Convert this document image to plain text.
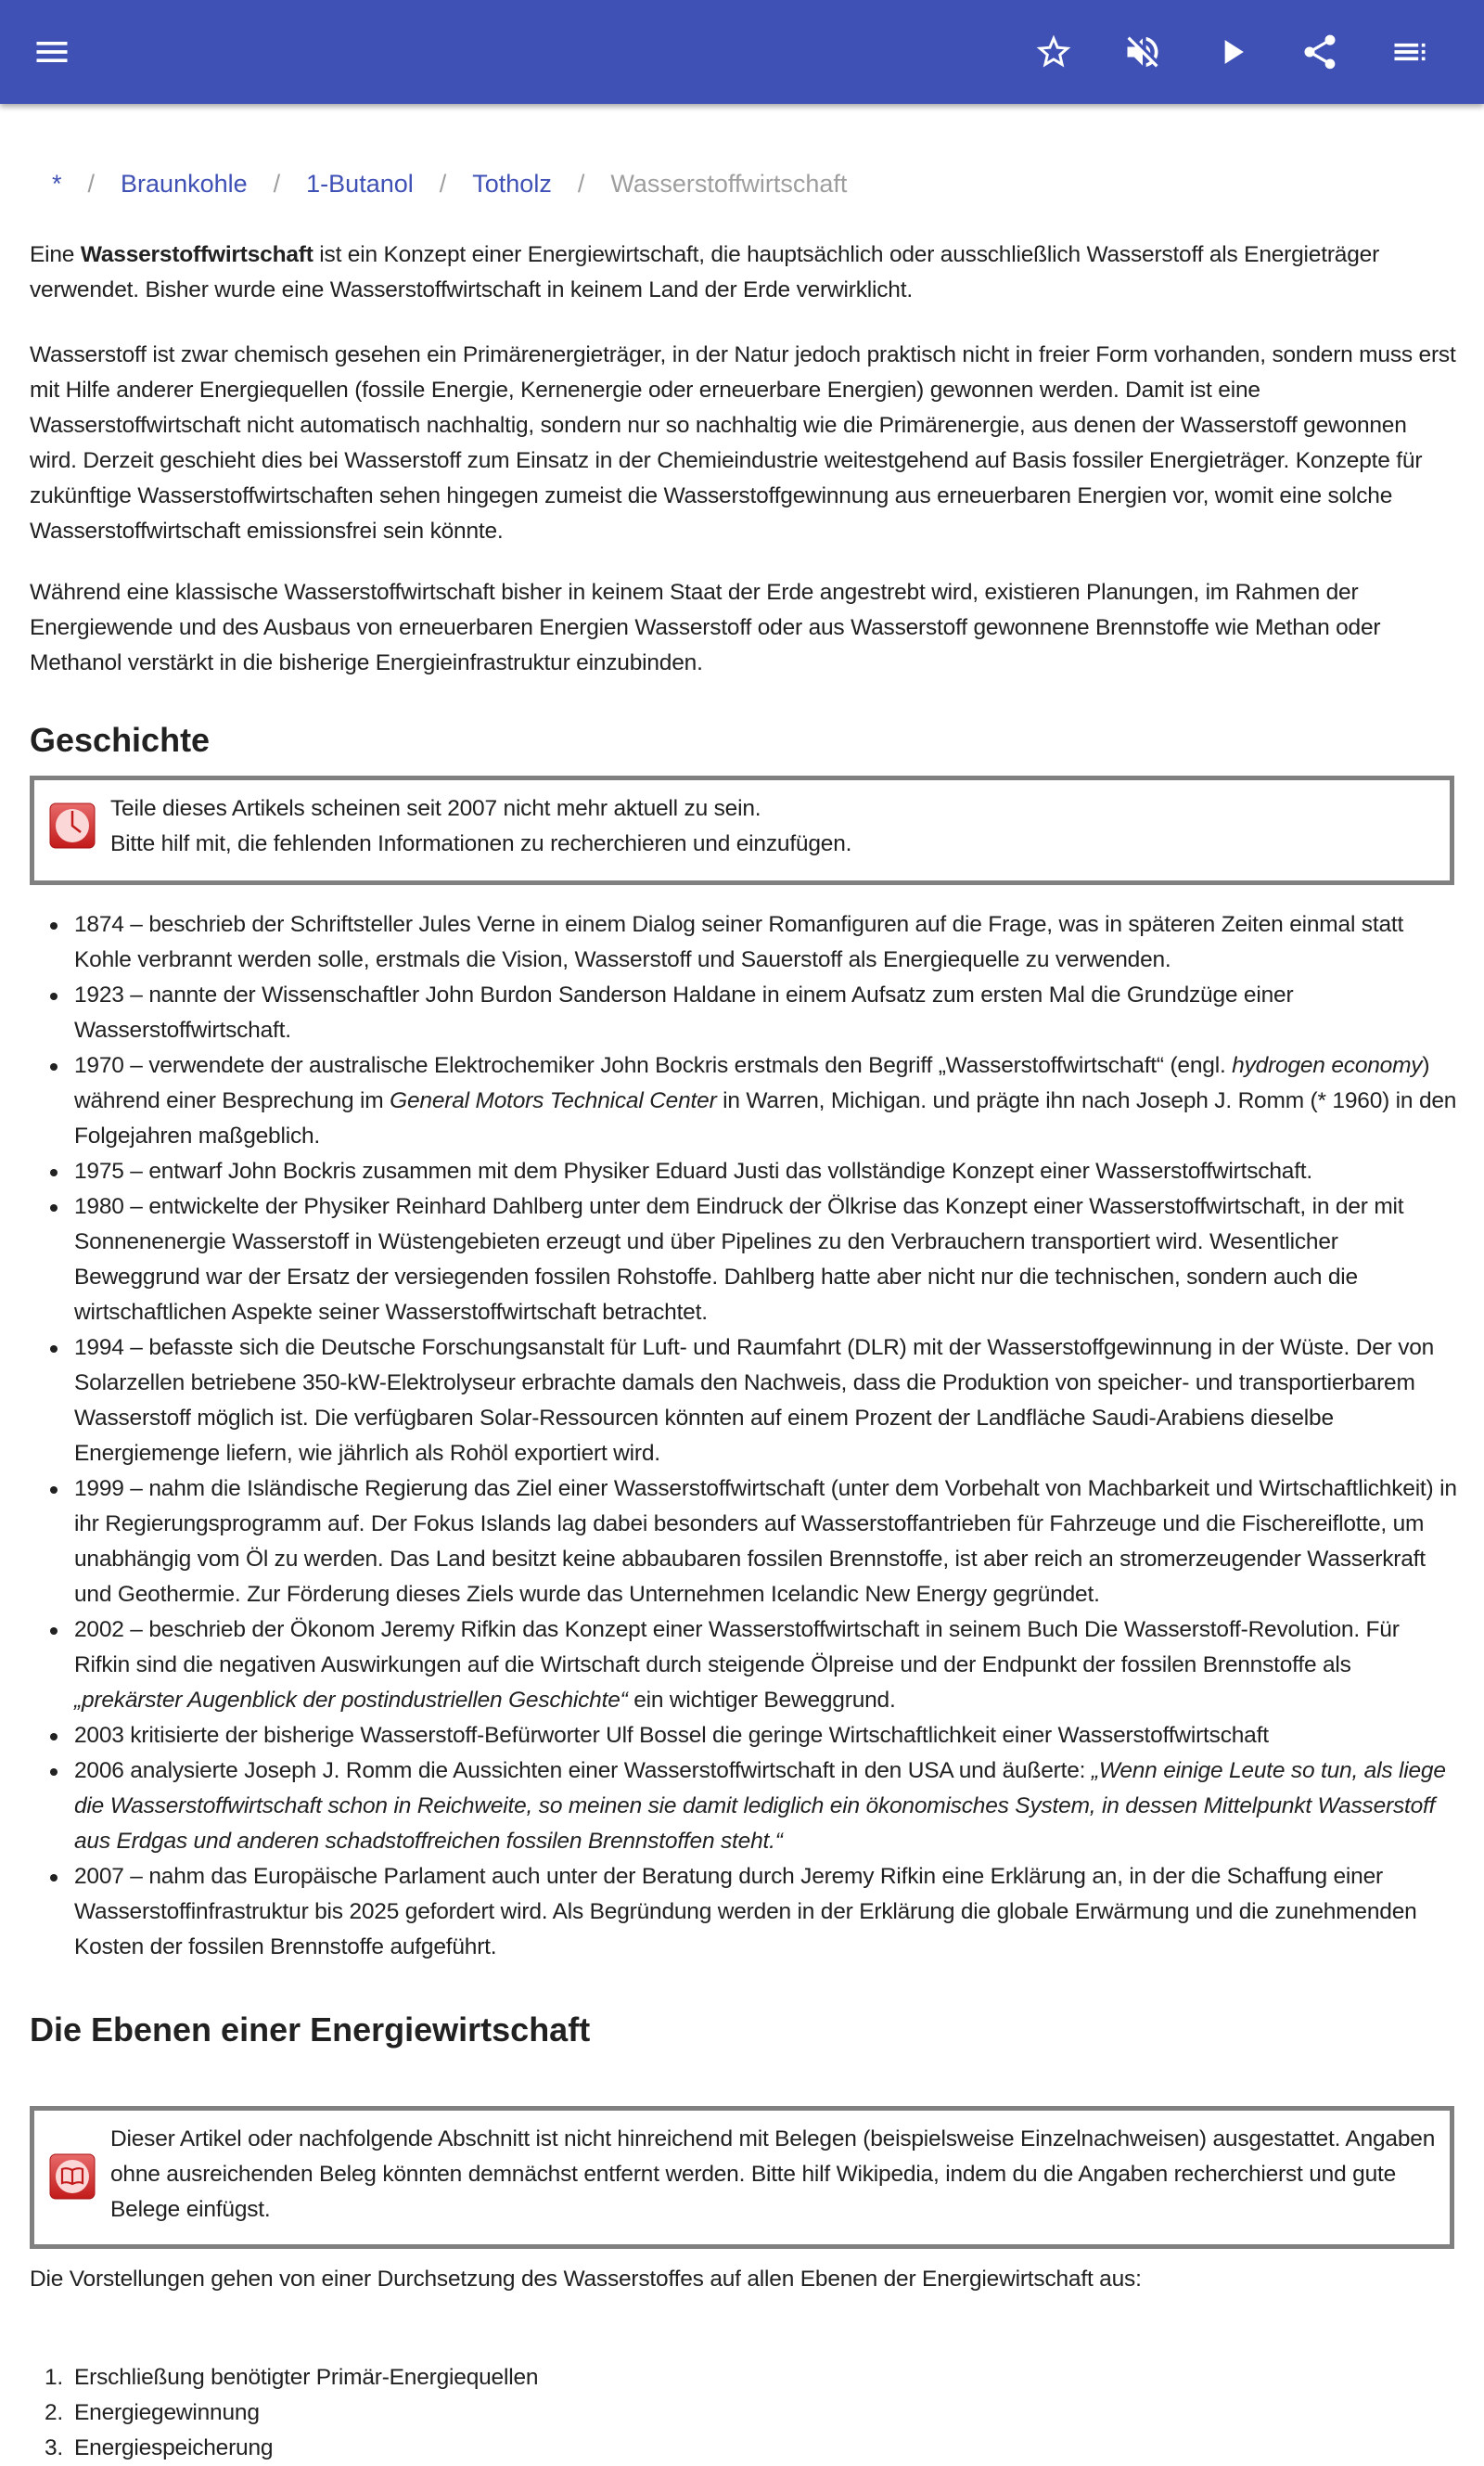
* / Braunkohle / 1-Butanol / Totholz / Wasserstoffwirtschaft

Eine Wasserstoffwirtschaft ist ein Konzept einer Energiewirtschaft, die hauptsächlich oder ausschließlich Wasserstoff als Energieträger verwendet. Bisher wurde eine Wasserstoffwirtschaft in keinem Land der Erde verwirklicht.

Wasserstoff ist zwar chemisch gesehen ein Primärenergieträger, in der Natur jedoch praktisch nicht in freier Form vorhanden, sondern muss erst mit Hilfe anderer Energiequellen (fossile Energie, Kernenergie oder erneuerbare Energien) gewonnen werden. Damit ist eine Wasserstoffwirtschaft nicht automatisch nachhaltig, sondern nur so nachhaltig wie die Primärenergie, aus denen der Wasserstoff gewonnen wird. Derzeit geschieht dies bei Wasserstoff zum Einsatz in der Chemieindustrie weitestgehend auf Basis fossiler Energieträger. Konzepte für zukünftige Wasserstoffwirtschaften sehen hingegen zumeist die Wasserstoffgewinnung aus erneuerbaren Energien vor, womit eine solche Wasserstoffwirtschaft emissionsfrei sein könnte.

Während eine klassische Wasserstoffwirtschaft bisher in keinem Staat der Erde angestrebt wird, existieren Planungen, im Rahmen der Energiewende und des Ausbaus von erneuerbaren Energien Wasserstoff oder aus Wasserstoff gewonnene Brennstoffe wie Methan oder Methanol verstärkt in die bisherige Energieinfrastruktur einzubinden.

Geschichte
Teile dieses Artikels scheinen seit 2007 nicht mehr aktuell zu sein.
Bitte hilf mit, die fehlenden Informationen zu recherchieren und einzufügen.
1874 – beschrieb der Schriftsteller Jules Verne in einem Dialog seiner Romanfiguren auf die Frage, was in späteren Zeiten einmal statt Kohle verbrannt werden solle, erstmals die Vision, Wasserstoff und Sauerstoff als Energiequelle zu verwenden.
1923 – nannte der Wissenschaftler John Burdon Sanderson Haldane in einem Aufsatz zum ersten Mal die Grundzüge einer Wasserstoffwirtschaft.
1970 – verwendete der australische Elektrochemiker John Bockris erstmals den Begriff „Wasserstoffwirtschaft“ (engl. hydrogen economy) während einer Besprechung im General Motors Technical Center in Warren, Michigan. und prägte ihn nach Joseph J. Romm (* 1960) in den Folgejahren maßgeblich.
1975 – entwarf John Bockris zusammen mit dem Physiker Eduard Justi das vollständige Konzept einer Wasserstoffwirtschaft.
1980 – entwickelte der Physiker Reinhard Dahlberg unter dem Eindruck der Ölkrise das Konzept einer Wasserstoffwirtschaft, in der mit Sonnenenergie Wasserstoff in Wüstengebieten erzeugt und über Pipelines zu den Verbrauchern transportiert wird. Wesentlicher Beweggrund war der Ersatz der versiegenden fossilen Rohstoffe. Dahlberg hatte aber nicht nur die technischen, sondern auch die wirtschaftlichen Aspekte seiner Wasserstoffwirtschaft betrachtet.
1994 – befasste sich die Deutsche Forschungsanstalt für Luft- und Raumfahrt (DLR) mit der Wasserstoffgewinnung in der Wüste. Der von Solarzellen betriebene 350-kW-Elektrolyseur erbrachte damals den Nachweis, dass die Produktion von speicher- und transportierbarem Wasserstoff möglich ist. Die verfügbaren Solar-Ressourcen könnten auf einem Prozent der Landfläche Saudi-Arabiens dieselbe Energiemenge liefern, wie jährlich als Rohöl exportiert wird.
1999 – nahm die Isländische Regierung das Ziel einer Wasserstoffwirtschaft (unter dem Vorbehalt von Machbarkeit und Wirtschaftlichkeit) in ihr Regierungsprogramm auf. Der Fokus Islands lag dabei besonders auf Wasserstoffantrieben für Fahrzeuge und die Fischereiflotte, um unabhängig vom Öl zu werden. Das Land besitzt keine abbaubaren fossilen Brennstoffe, ist aber reich an stromerzeugender Wasserkraft und Geothermie. Zur Förderung dieses Ziels wurde das Unternehmen Icelandic New Energy gegründet.
2002 – beschrieb der Ökonom Jeremy Rifkin das Konzept einer Wasserstoffwirtschaft in seinem Buch Die Wasserstoff-Revolution. Für Rifkin sind die negativen Auswirkungen auf die Wirtschaft durch steigende Ölpreise und der Endpunkt der fossilen Brennstoffe als „prekärster Augenblick der postindustriellen Geschichte“ ein wichtiger Beweggrund.
2003 kritisierte der bisherige Wasserstoff-Befürworter Ulf Bossel die geringe Wirtschaftlichkeit einer Wasserstoffwirtschaft
2006 analysierte Joseph J. Romm die Aussichten einer Wasserstoffwirtschaft in den USA und äußerte: „Wenn einige Leute so tun, als liege die Wasserstoffwirtschaft schon in Reichweite, so meinen sie damit lediglich ein ökonomisches System, in dessen Mittelpunkt Wasserstoff aus Erdgas und anderen schadstoffreichen fossilen Brennstoffen steht.“
2007 – nahm das Europäische Parlament auch unter der Beratung durch Jeremy Rifkin eine Erklärung an, in der die Schaffung einer Wasserstoffinfrastruktur bis 2025 gefordert wird. Als Begründung werden in der Erklärung die globale Erwärmung und die zunehmenden Kosten der fossilen Brennstoffe aufgeführt.
Die Ebenen einer Energiewirtschaft
Dieser Artikel oder nachfolgende Abschnitt ist nicht hinreichend mit Belegen (beispielsweise Einzelnachweisen) ausgestattet. Angaben ohne ausreichenden Beleg könnten demnächst entfernt werden. Bitte hilf Wikipedia, indem du die Angaben recherchierst und gute Belege einfügst.

Die Vorstellungen gehen von einer Durchsetzung des Wasserstoffes auf allen Ebenen der Energiewirtschaft aus:

1. Erschließung benötigter Primär-Energiequellen
2. Energiegewinnung
3. Energiespeicherung
